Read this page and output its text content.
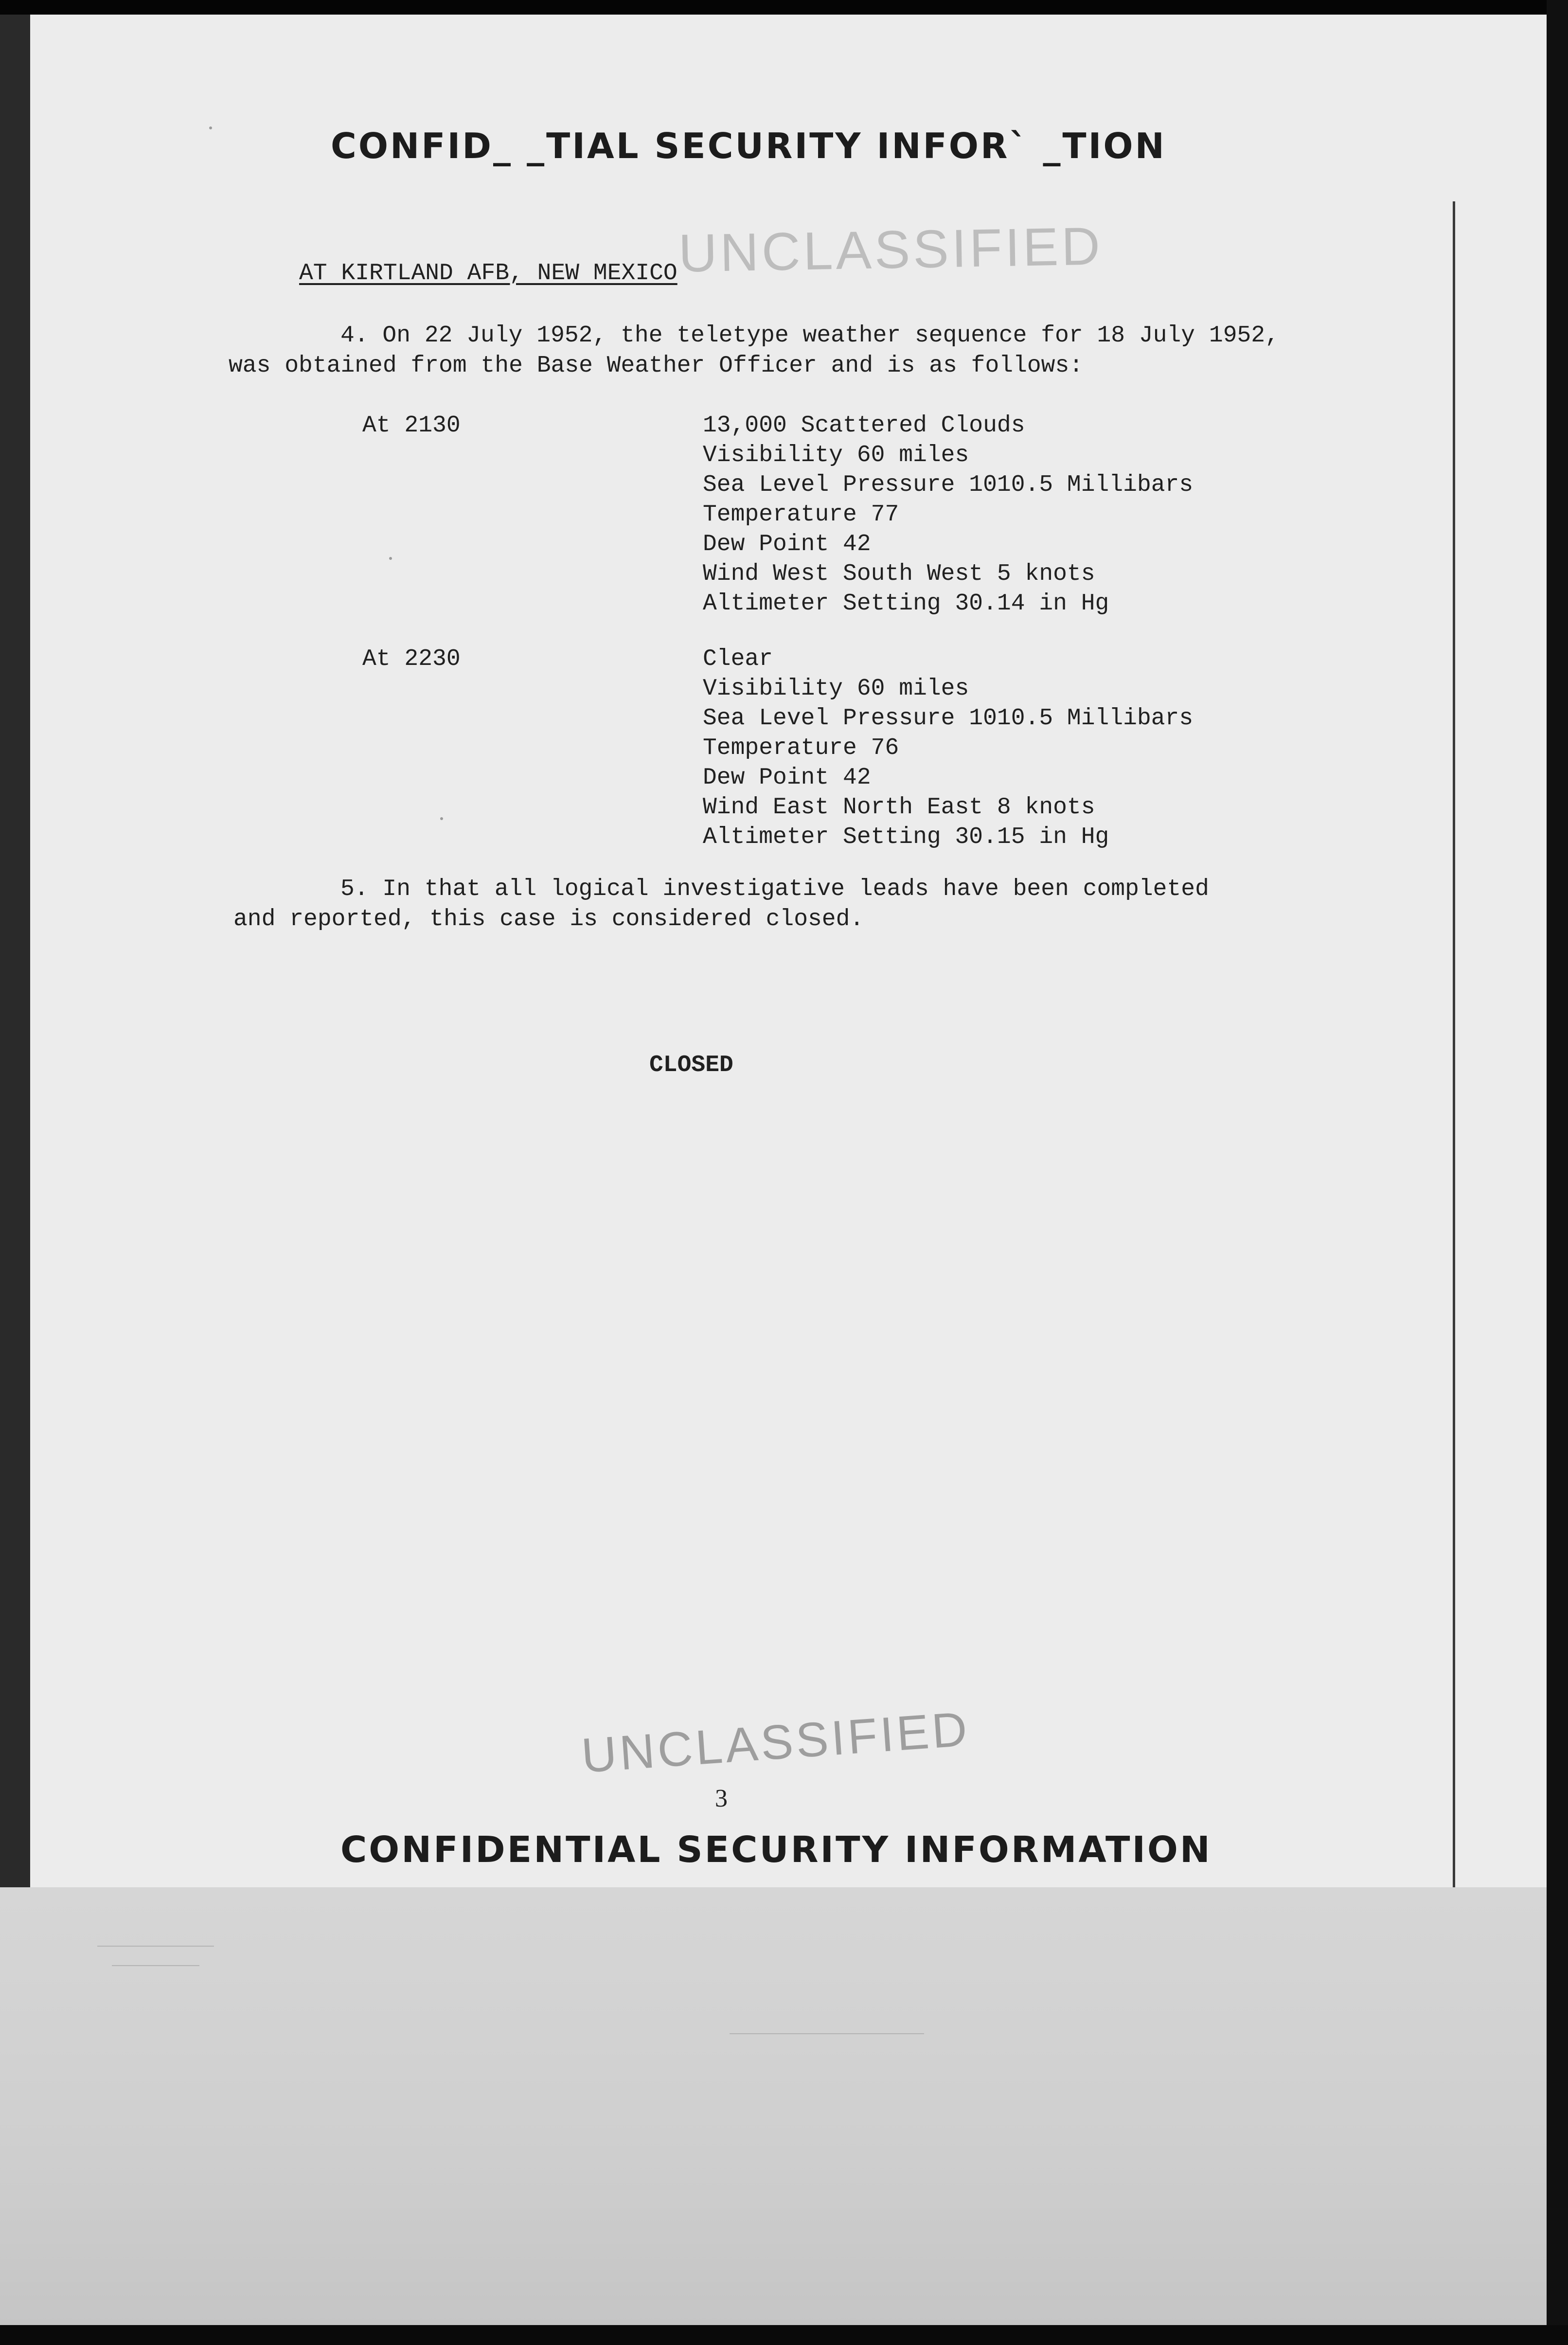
CONFID_ _TIAL SECURITY INFOR` _TION
UNCLASSIFIED
AT KIRTLAND AFB, NEW MEXICO
4. On 22 July 1952, the teletype weather sequence for 18 July 1952,
was obtained from the Base Weather Officer and is as follows:
At 2130	13,000 Scattered Clouds
Visibility 60 miles
Sea Level Pressure 1010.5 Millibars
Temperature 77
Dew Point 42
Wind West South West 5 knots
Altimeter Setting 30.14 in Hg
At 2230	Clear
Visibility 60 miles
Sea Level Pressure 1010.5 Millibars
Temperature 76
Dew Point 42
Wind East North East 8 knots
Altimeter Setting 30.15 in Hg
5. In that all logical investigative leads have been completed
and reported, this case is considered closed.
CLOSED
UNCLASSIFIED
3
CONFIDENTIAL SECURITY INFORMATION
